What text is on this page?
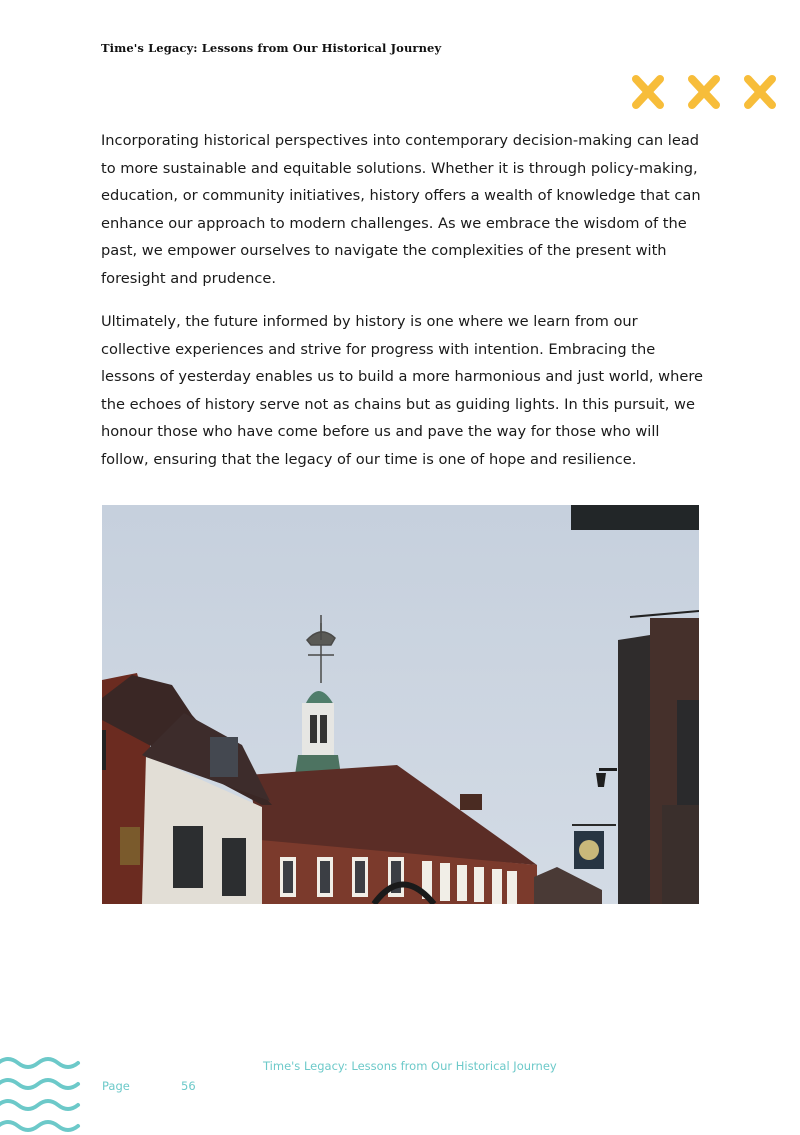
Time's Legacy: Lessons from Our Historical Journey

Incorporating historical perspectives into contemporary decision-making can lead to more sustainable and equitable solutions. Whether it is through policy-making, education, or community initiatives, history offers a wealth of knowledge that can enhance our approach to modern challenges. As we embrace the wisdom of the past, we empower ourselves to navigate the complexities of the present with foresight and prudence.

Ultimately, the future informed by history is one where we learn from our collective experiences and strive for progress with intention. Embracing the lessons of yesterday enables us to build a more harmonious and just world, where the echoes of history serve not as chains but as guiding lights. In this pursuit, we honour those who have come before us and pave the way for those who will follow, ensuring that the legacy of our time is one of hope and resilience.

Time's Legacy: Lessons from Our Historical Journey
Page	56
